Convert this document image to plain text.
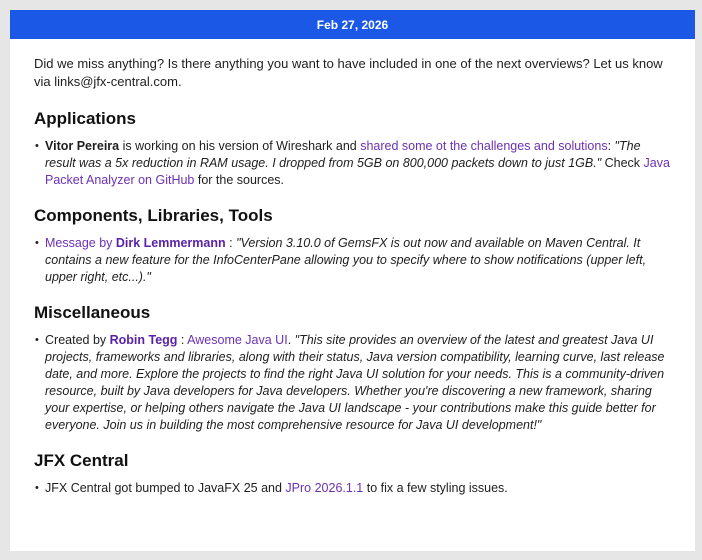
Feb 27, 2026

Did we miss anything? Is there anything you want to have included in one of the next overviews? Let us know via links@jfx-central.com.

Applications
• Vitor Pereira is working on his version of Wireshark and shared some ot the challenges and solutions: "The result was a 5x reduction in RAM usage. I dropped from 5GB on 800,000 packets down to just 1GB." Check Java Packet Analyzer on GitHub for the sources.
Components, Libraries, Tools
• Message by Dirk Lemmermann : "Version 3.10.0 of GemsFX is out now and available on Maven Central. It contains a new feature for the InfoCenterPane allowing you to specify where to show notifications (upper left, upper right, etc...)."
Miscellaneous
• Created by Robin Tegg : Awesome Java UI. "This site provides an overview of the latest and greatest Java UI projects, frameworks and libraries, along with their status, Java version compatibility, learning curve, last release date, and more. Explore the projects to find the right Java UI solution for your needs. This is a community-driven resource, built by Java developers for Java developers. Whether you're discovering a new framework, sharing your expertise, or helping others navigate the Java UI landscape - your contributions make this guide better for everyone. Join us in building the most comprehensive resource for Java UI development!"
JFX Central
• JFX Central got bumped to JavaFX 25 and JPro 2026.1.1 to fix a few styling issues.
